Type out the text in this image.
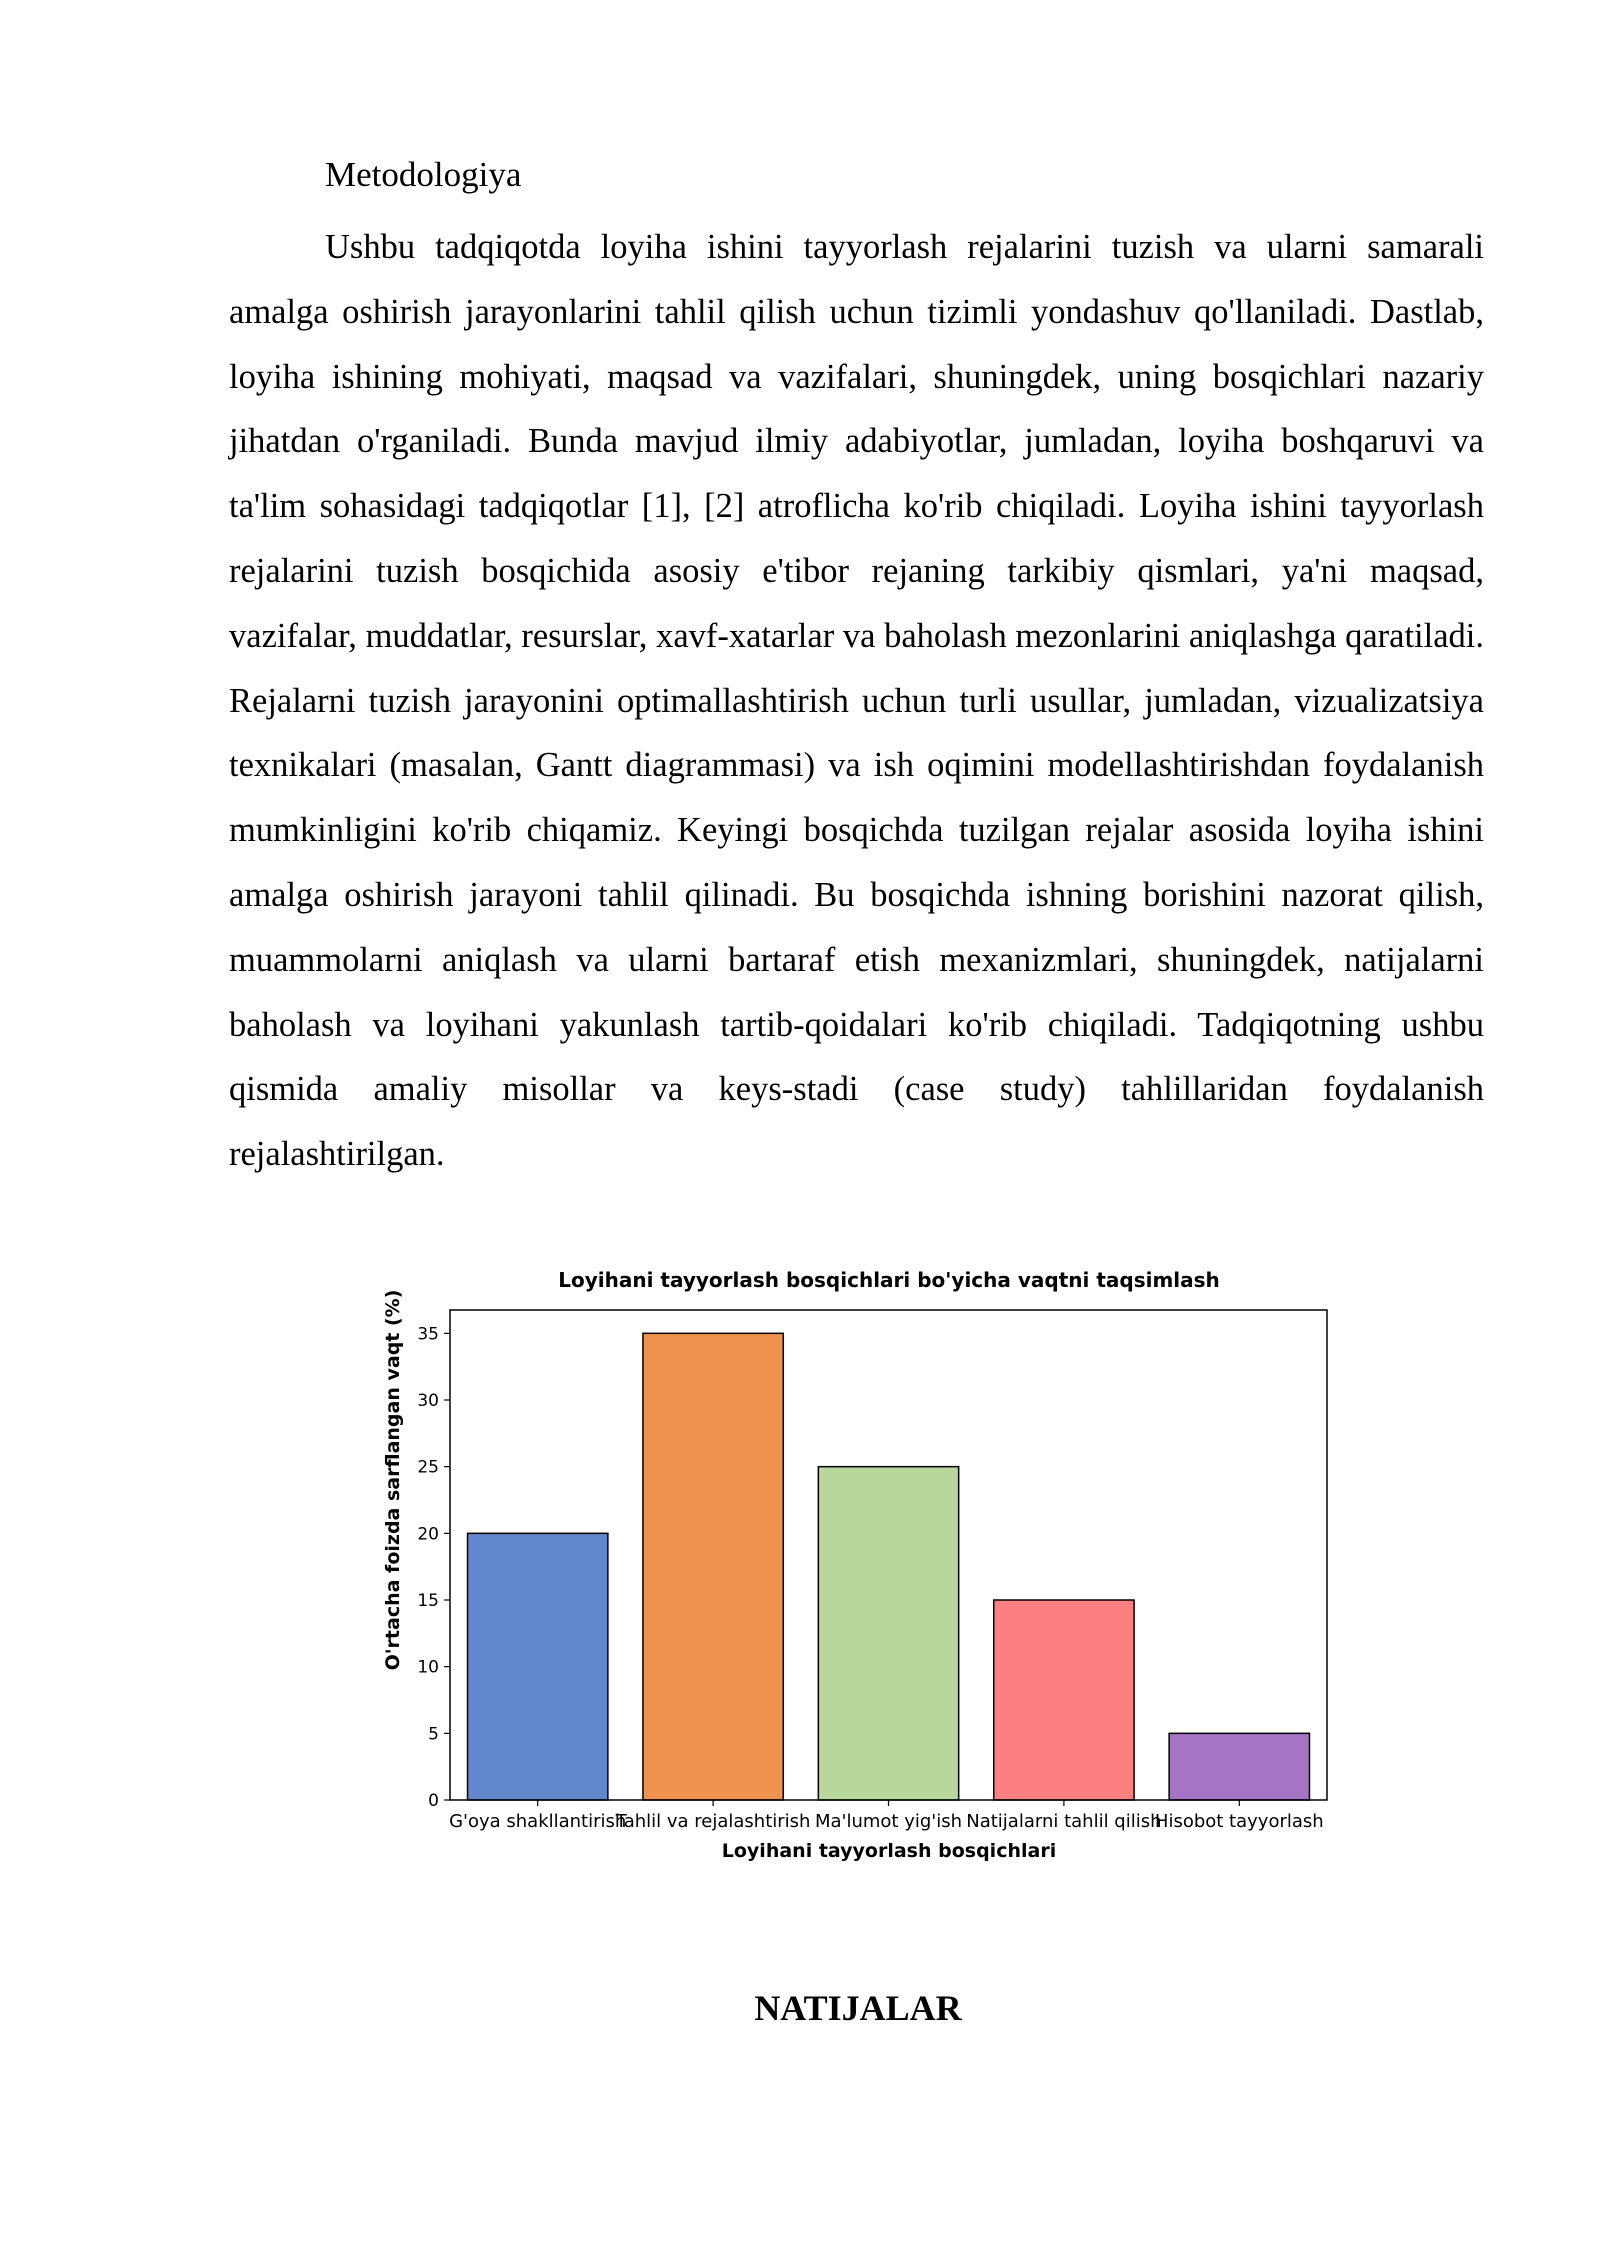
Metodologiya

Ushbu tadqiqotda loyiha ishini tayyorlash rejalarini tuzish va ularni samarali amalga oshirish jarayonlarini tahlil qilish uchun tizimli yondashuv qo'llaniladi. Dastlab, loyiha ishining mohiyati, maqsad va vazifalari, shuningdek, uning bosqichlari nazariy jihatdan o'rganiladi. Bunda mavjud ilmiy adabiyotlar, jumladan, loyiha boshqaruvi va ta'lim sohasidagi tadqiqotlar [1], [2] atroflicha ko'rib chiqiladi. Loyiha ishini tayyorlash rejalarini tuzish bosqichida asosiy e'tibor rejaning tarkibiy qismlari, ya'ni maqsad, vazifalar, muddatlar, resurslar, xavf-xatarlar va baholash mezonlarini aniqlashga qaratiladi. Rejalarni tuzish jarayonini optimallashtirish uchun turli usullar, jumladan, vizualizatsiya texnikalari (masalan, Gantt diagrammasi) va ish oqimini modellashtirishdan foydalanish mumkinligini ko'rib chiqamiz. Keyingi bosqichda tuzilgan rejalar asosida loyiha ishini amalga oshirish jarayoni tahlil qilinadi. Bu bosqichda ishning borishini nazorat qilish, muammolarni aniqlash va ularni bartaraf etish mexanizmlari, shuningdek, natijalarni baholash va loyihani yakunlash tartib-qoidalari ko'rib chiqiladi. Tadqiqotning ushbu qismida amaliy misollar va keys-stadi (case study) tahlillaridan foydalanish rejalashtirilgan.

Loyihani tayyorlash bosqichlari bo'yicha vaqtni taqsimlash
0
5
10
15
20
25
30
35
G'oya shakllantirish
Tahlil va rejalashtirish Ma'lumot yig'ish Natijalarni tahlil qilish
Hisobot tayyorlash
Loyihani tayyorlash bosqichlari
O'rtacha foizda sarflangan vaqt (%)
NATIJALAR
